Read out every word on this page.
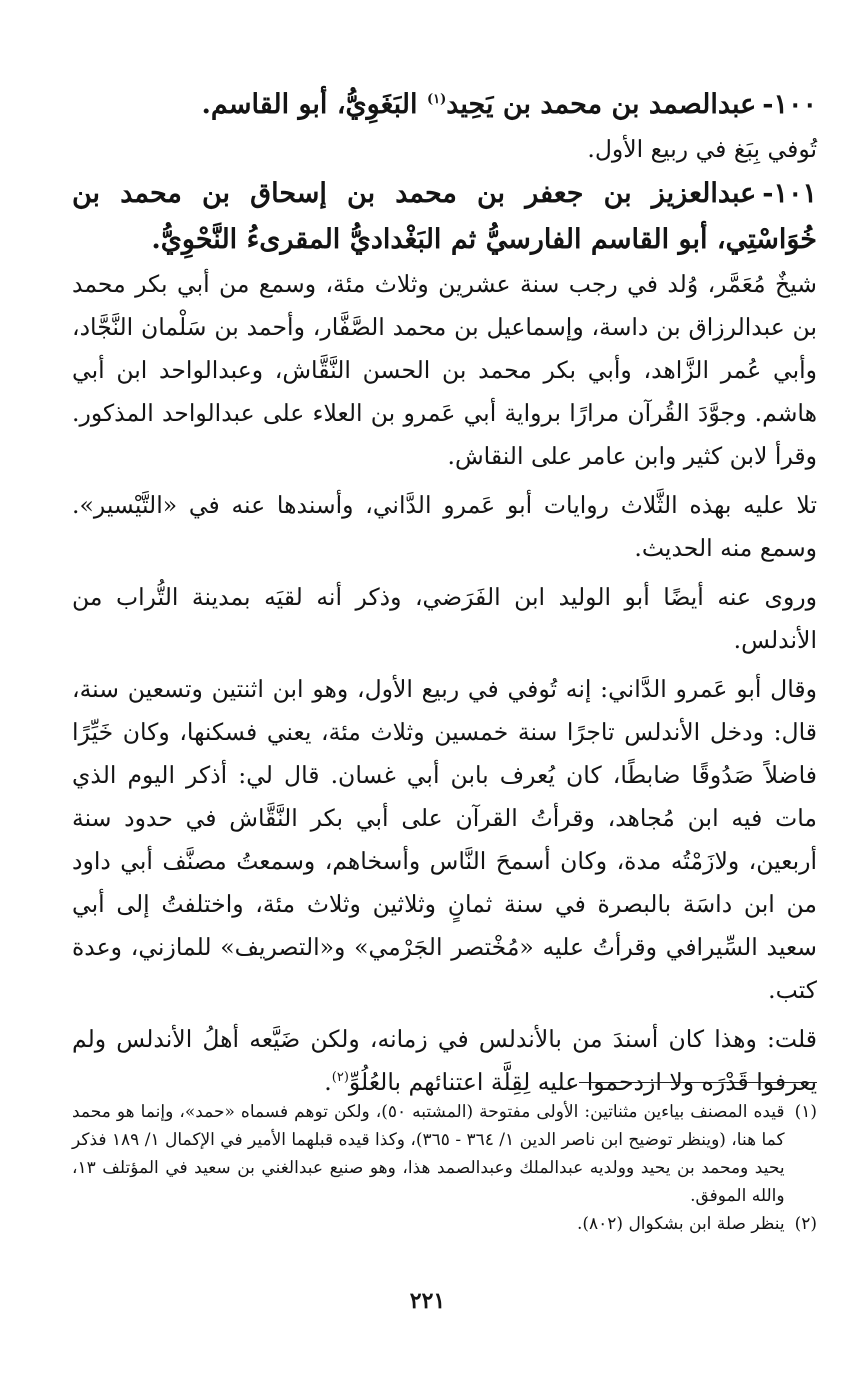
١٠٠-عبدالصمد بن محمد بن يَحِيد$^{(١)}$ البَغَوِيُّ، أبو القاسم.

تُوفي بِبَغ في ربيع الأول.

١٠١-عبدالعزيز بن جعفر بن محمد بن إسحاق بن محمد بن خُوَاسْتِي، أبو القاسم الفارسيُّ ثم البَغْداديُّ المقرىءُ النَّحْوِيُّ.

شيخٌ مُعَمَّر، وُلد في رجب سنة عشرين وثلاث مئة، وسمع من أبي بكر محمد بن عبدالرزاق بن داسة، وإسماعيل بن محمد الصَّفَّار، وأحمد بن سَلْمان النَّجَّاد، وأبي عُمر الزَّاهد، وأبي بكر محمد بن الحسن النَّقَّاش، وعبدالواحد ابن أبي هاشم. وجوَّدَ القُرآن مرارًا برواية أبي عَمرو بن العلاء على عبدالواحد المذكور. وقرأ لابن كثير وابن عامر على النقاش.

تلا عليه بهذه الثَّلاث روايات أبو عَمرو الدَّاني، وأسندها عنه في «التَّيْسير». وسمع منه الحديث.

وروى عنه أيضًا أبو الوليد ابن الفَرَضي، وذكر أنه لقيَه بمدينة التُّراب من الأندلس.

وقال أبو عَمرو الدَّاني: إنه تُوفي في ربيع الأول، وهو ابن اثنتين وتسعين سنة، قال: ودخل الأندلس تاجرًا سنة خمسين وثلاث مئة، يعني فسكنها، وكان خَيِّرًا فاضلاً صَدُوقًا ضابطًا، كان يُعرف بابن أبي غسان. قال لي: أذكر اليوم الذي مات فيه ابن مُجاهد، وقرأتُ القرآن على أبي بكر النَّقَّاش في حدود سنة أربعين، ولازَمْتُه مدة، وكان أسمحَ النَّاس وأسخاهم، وسمعتُ مصنَّف أبي داود من ابن داسَة بالبصرة في سنة ثمانٍ وثلاثين وثلاث مئة، واختلفتُ إلى أبي سعيد السِّيرافي وقرأتُ عليه «مُخْتصر الجَرْمي» و«التصريف» للمازني، وعدة كتب.

قلت: وهذا كان أسندَ من بالأندلس في زمانه، ولكن ضَيَّعه أهلُ الأندلس ولم يعرفوا قَدْرَه ولا ازدحموا عليه لِقِلَّة اعتنائهم بالعُلُوِّ$^{(٢)}$.

(١)
قيده المصنف بياءين مثناتين: الأولى مفتوحة (المشتبه ٥٠)، ولكن توهم فسماه «حمد»، وإنما هو محمد كما هنا، (وينظر توضيح ابن ناصر الدين ١/ ٣٦٤ - ٣٦٥)، وكذا قيده قبلهما الأمير في الإكمال ١/ ١٨٩ فذكر يحيد ومحمد بن يحيد وولديه عبدالملك وعبدالصمد هذا، وهو صنيع عبدالغني بن سعيد في المؤتلف ١٣، والله الموفق.

(٢)
ينظر صلة ابن بشكوال (٨٠٢).

٢٢١
